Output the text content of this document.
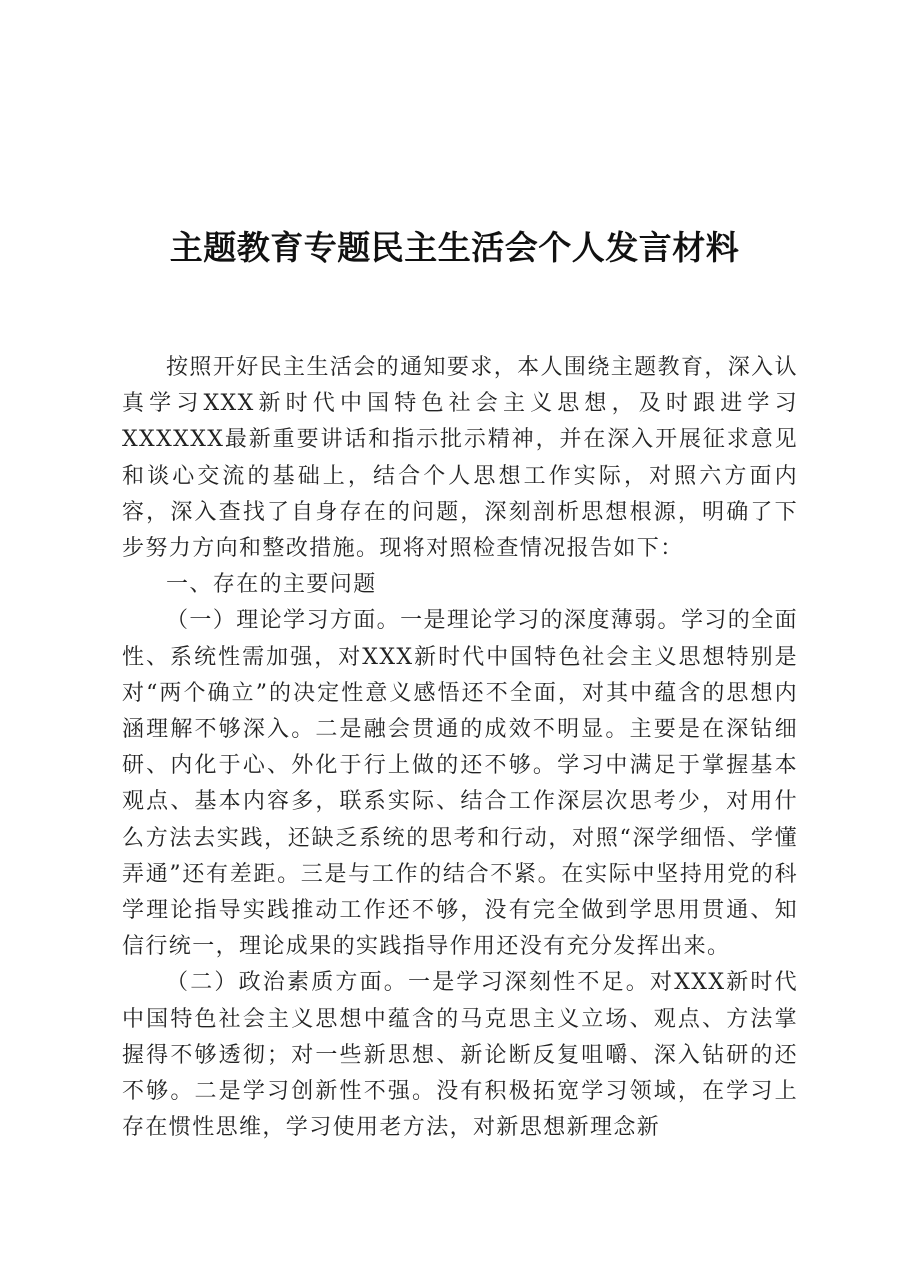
主题教育专题民主生活会个人发言材料

按照开好民主生活会的通知要求，本人围绕主题教育，深入认真学习XXX新时代中国特色社会主义思想，及时跟进学习XXXXXX最新重要讲话和指示批示精神，并在深入开展征求意见和谈心交流的基础上，结合个人思想工作实际，对照六方面内容，深入查找了自身存在的问题，深刻剖析思想根源，明确了下步努力方向和整改措施。现将对照检查情况报告如下：

一、存在的主要问题

（一）理论学习方面。一是理论学习的深度薄弱。学习的全面性、系统性需加强，对XXX新时代中国特色社会主义思想特别是对“两个确立”的决定性意义感悟还不全面，对其中蕴含的思想内涵理解不够深入。二是融会贯通的成效不明显。主要是在深钻细研、内化于心、外化于行上做的还不够。学习中满足于掌握基本观点、基本内容多，联系实际、结合工作深层次思考少，对用什么方法去实践，还缺乏系统的思考和行动，对照“深学细悟、学懂弄通”还有差距。三是与工作的结合不紧。在实际中坚持用党的科学理论指导实践推动工作还不够，没有完全做到学思用贯通、知信行统一，理论成果的实践指导作用还没有充分发挥出来。

（二）政治素质方面。一是学习深刻性不足。对XXX新时代中国特色社会主义思想中蕴含的马克思主义立场、观点、方法掌握得不够透彻；对一些新思想、新论断反复咀嚼、深入钻研的还不够。二是学习创新性不强。没有积极拓宽学习领域，在学习上存在惯性思维，学习使用老方法，对新思想新理念新
